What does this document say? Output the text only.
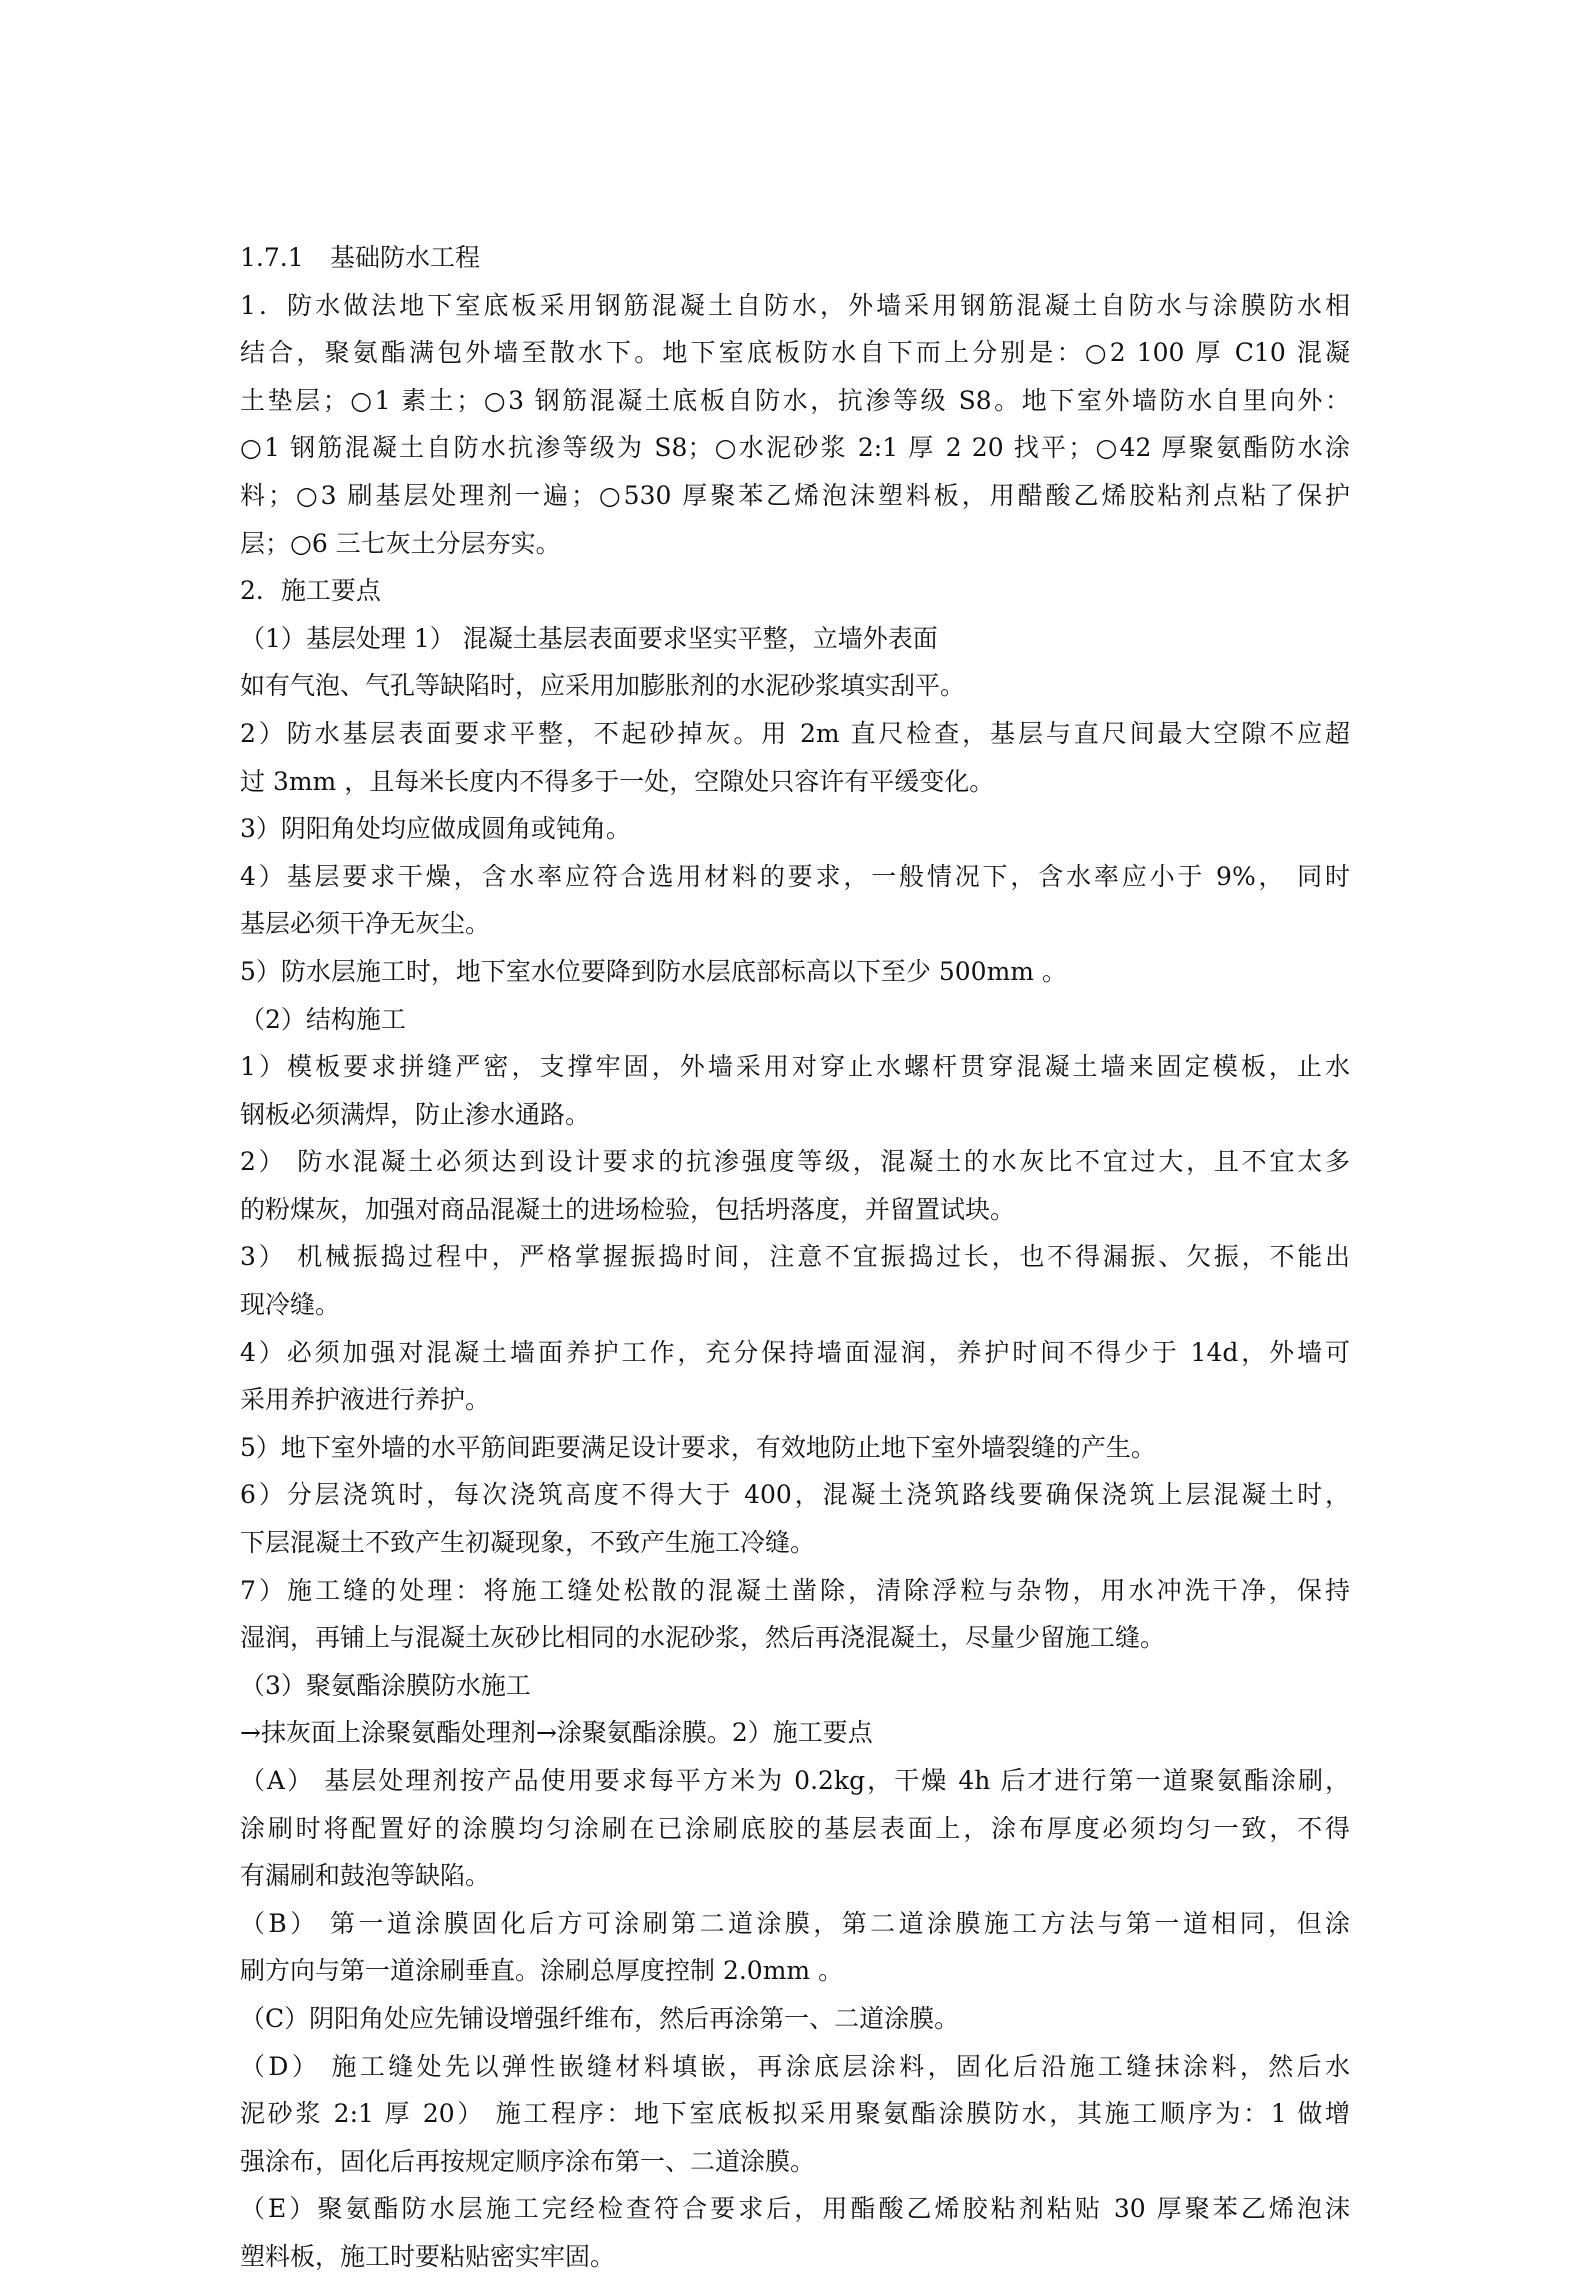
1.7.1 基础防水工程
1．防水做法地下室底板采用钢筋混凝土自防水，外墙采用钢筋混凝土自防水与涂膜防水相
结合，聚氨酯满包外墙至散水下。地下室底板防水自下而上分别是：○2 100 厚 C10 混凝
土垫层；○1 素土；○3 钢筋混凝土底板自防水，抗渗等级 S8。地下室外墙防水自里向外：
○1 钢筋混凝土自防水抗渗等级为 S8；○水泥砂浆 2:1 厚 2 20 找平；○42 厚聚氨酯防水涂
料；○3 刷基层处理剂一遍；○530 厚聚苯乙烯泡沫塑料板，用醋酸乙烯胶粘剂点粘了保护
层；○6 三七灰土分层夯实。
2．施工要点
（1）基层处理 1） 混凝土基层表面要求坚实平整，立墙外表面
如有气泡、气孔等缺陷时，应采用加膨胀剂的水泥砂浆填实刮平。
2）防水基层表面要求平整，不起砂掉灰。用 2m 直尺检查，基层与直尺间最大空隙不应超
过 3mm ，且每米长度内不得多于一处，空隙处只容许有平缓变化。
3）阴阳角处均应做成圆角或钝角。
4）基层要求干燥，含水率应符合选用材料的要求，一般情况下，含水率应小于 9%， 同时
基层必须干净无灰尘。
5）防水层施工时，地下室水位要降到防水层底部标高以下至少 500mm 。
（2）结构施工
1）模板要求拼缝严密，支撑牢固，外墙采用对穿止水螺杆贯穿混凝土墙来固定模板，止水
钢板必须满焊，防止渗水通路。
2） 防水混凝土必须达到设计要求的抗渗强度等级，混凝土的水灰比不宜过大，且不宜太多
的粉煤灰，加强对商品混凝土的进场检验，包括坍落度，并留置试块。
3） 机械振捣过程中，严格掌握振捣时间，注意不宜振捣过长，也不得漏振、欠振，不能出
现冷缝。
4）必须加强对混凝土墙面养护工作，充分保持墙面湿润，养护时间不得少于 14d，外墙可
采用养护液进行养护。
5）地下室外墙的水平筋间距要满足设计要求，有效地防止地下室外墙裂缝的产生。
6）分层浇筑时，每次浇筑高度不得大于 400，混凝土浇筑路线要确保浇筑上层混凝土时，
下层混凝土不致产生初凝现象，不致产生施工冷缝。
7）施工缝的处理：将施工缝处松散的混凝土凿除，清除浮粒与杂物，用水冲洗干净，保持
湿润，再铺上与混凝土灰砂比相同的水泥砂浆，然后再浇混凝土，尽量少留施工缝。
（3）聚氨酯涂膜防水施工
→抹灰面上涂聚氨酯处理剂→涂聚氨酯涂膜。2）施工要点
（A） 基层处理剂按产品使用要求每平方米为 0.2kg，干燥 4h 后才进行第一道聚氨酯涂刷，
涂刷时将配置好的涂膜均匀涂刷在已涂刷底胶的基层表面上，涂布厚度必须均匀一致，不得
有漏刷和鼓泡等缺陷。
（B） 第一道涂膜固化后方可涂刷第二道涂膜，第二道涂膜施工方法与第一道相同，但涂
刷方向与第一道涂刷垂直。涂刷总厚度控制 2.0mm 。
（C）阴阳角处应先铺设增强纤维布，然后再涂第一、二道涂膜。
（D） 施工缝处先以弹性嵌缝材料填嵌，再涂底层涂料，固化后沿施工缝抹涂料，然后水
泥砂浆 2:1 厚 20） 施工程序：地下室底板拟采用聚氨酯涂膜防水，其施工顺序为：1 做增
强涂布，固化后再按规定顺序涂布第一、二道涂膜。
（E）聚氨酯防水层施工完经检查符合要求后，用酯酸乙烯胶粘剂粘贴 30 厚聚苯乙烯泡沫
塑料板，施工时要粘贴密实牢固。
